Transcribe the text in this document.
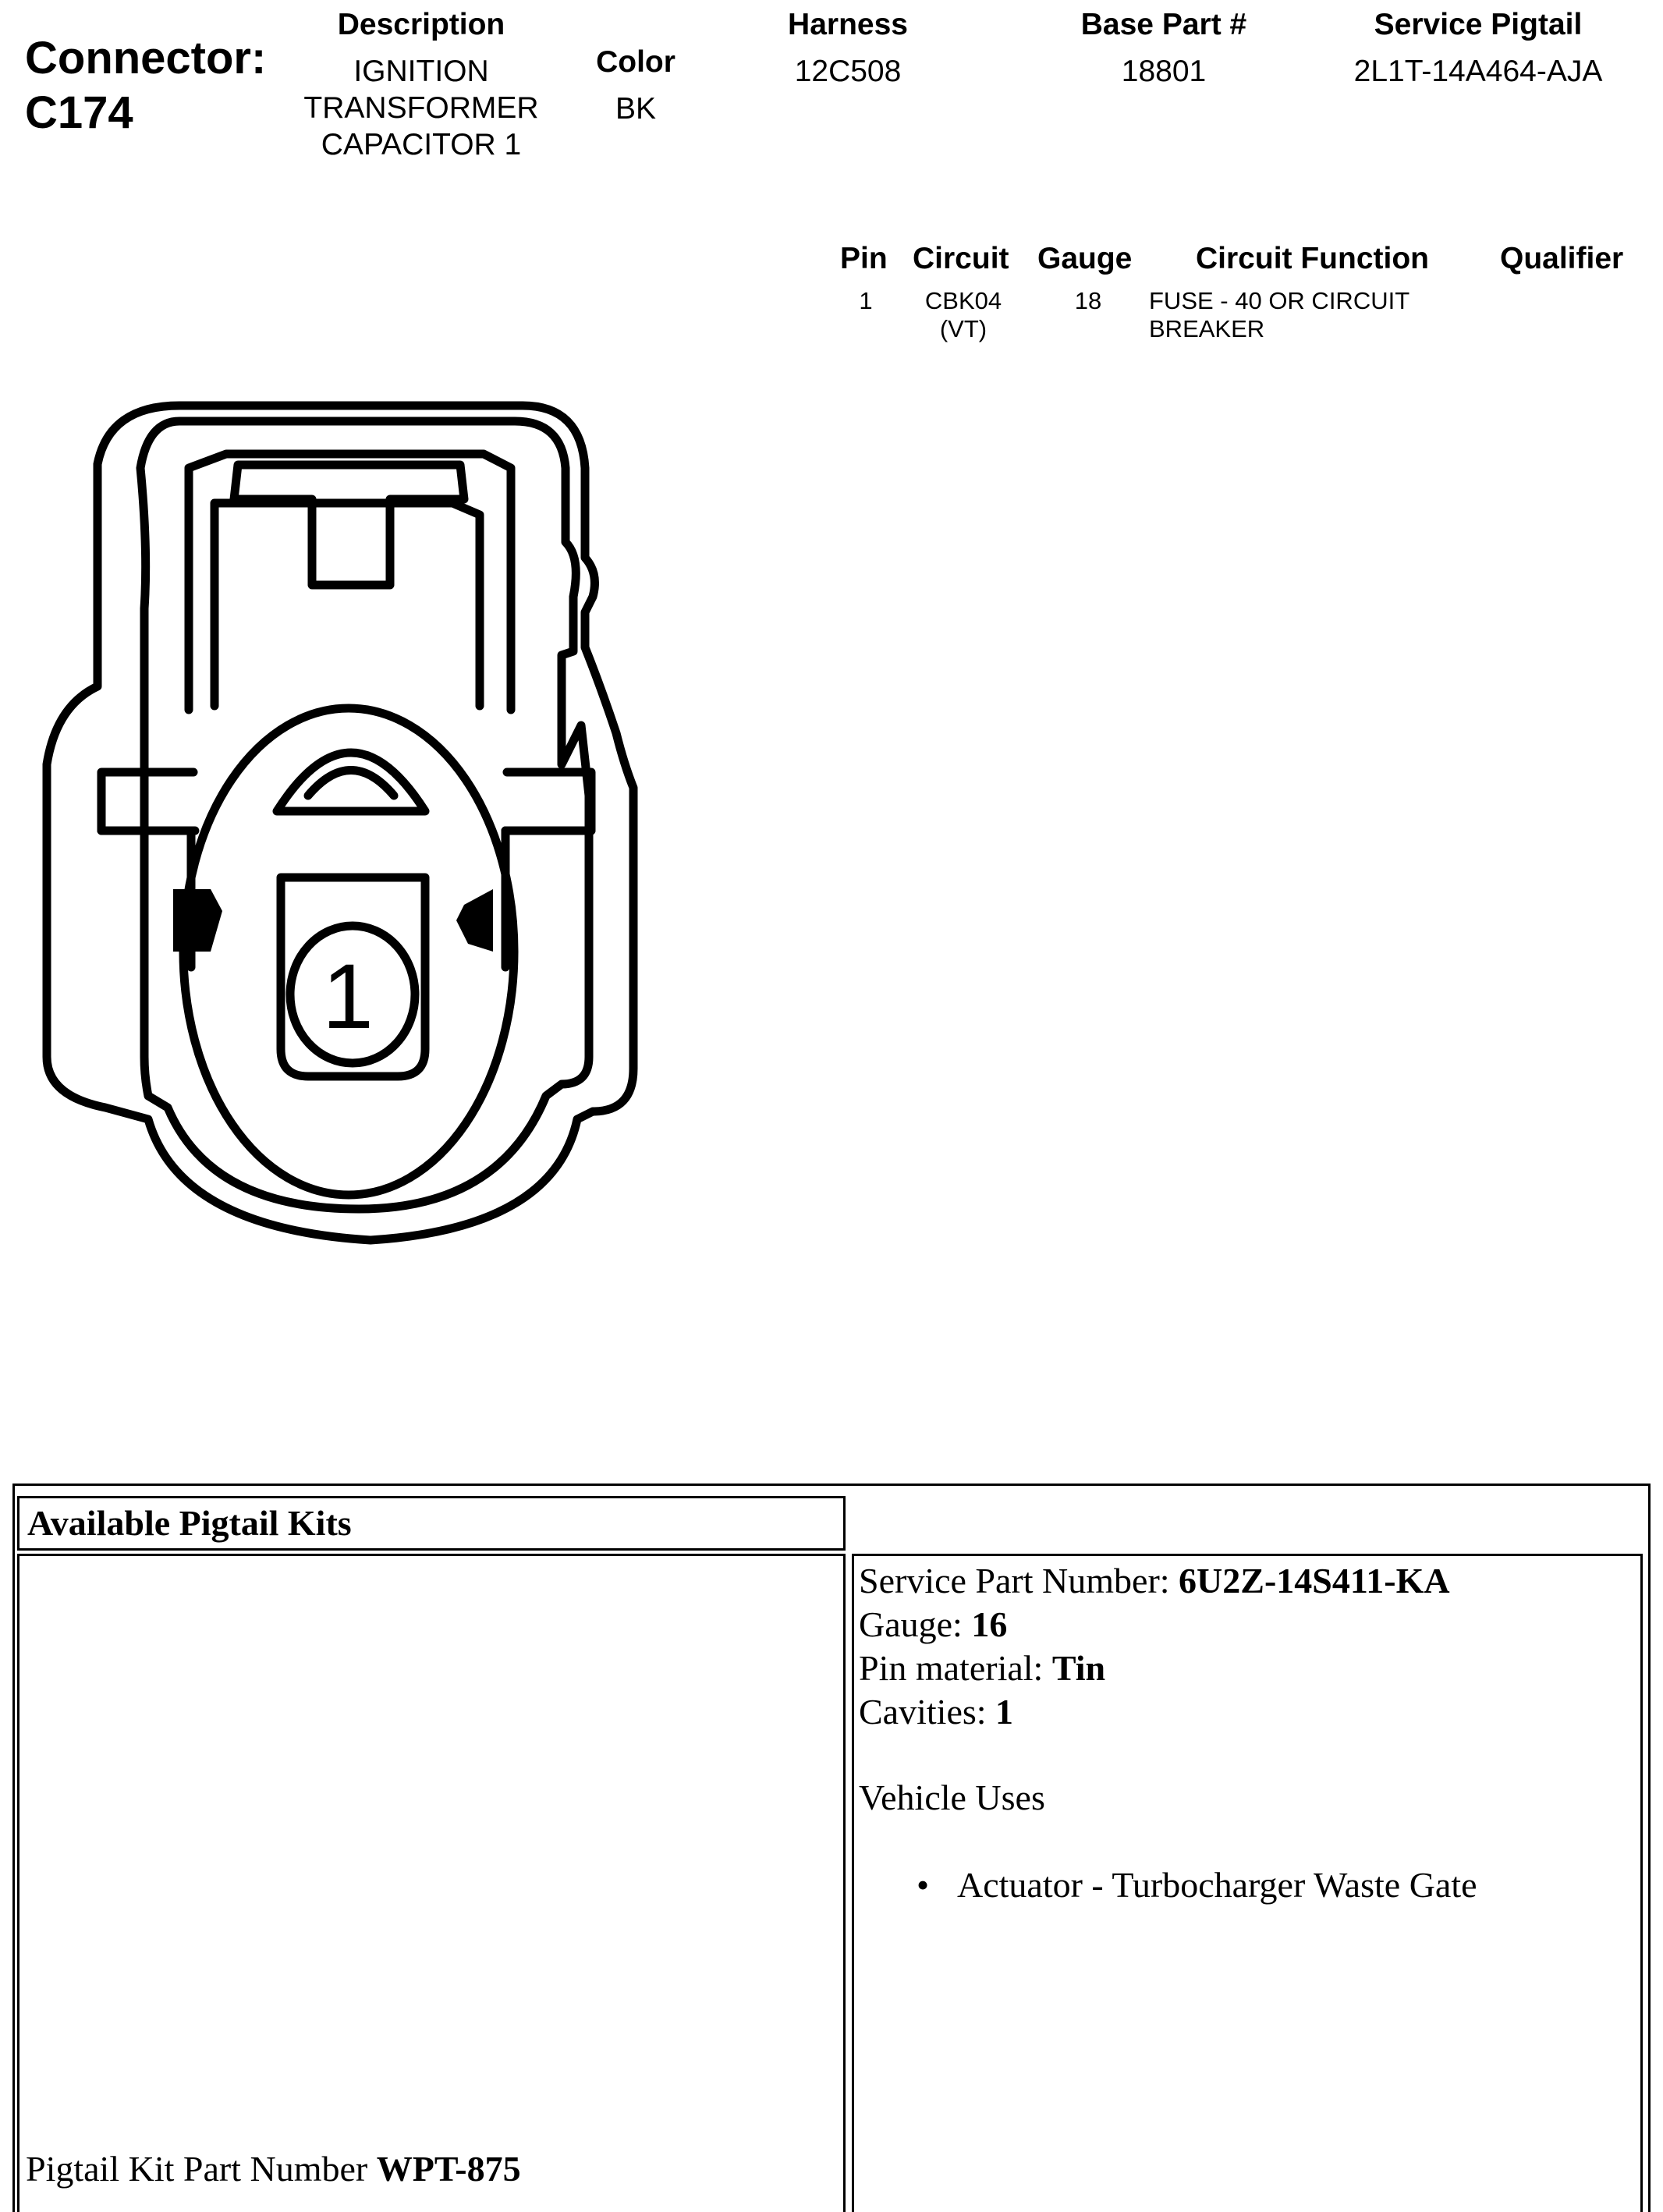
Connector:
C174
Description
IGNITION
TRANSFORMER
CAPACITOR 1
Color
BK
Harness
12C508
Base Part #
18801
Service Pigtail
2L1T-14A464-AJA
Pin Circuit Gauge Circuit Function Qualifier
1	CBK04
(VT)
18 FUSE - 40 OR CIRCUIT
BREAKER
1
Available Pigtail Kits
Pigtail Kit Part Number WPT-875
Service Part Number: 6U2Z-14S411-KA
Gauge: 16
Pin material: Tin
Cavities: 1
Vehicle Uses
• Actuator - Turbocharger Waste Gate
